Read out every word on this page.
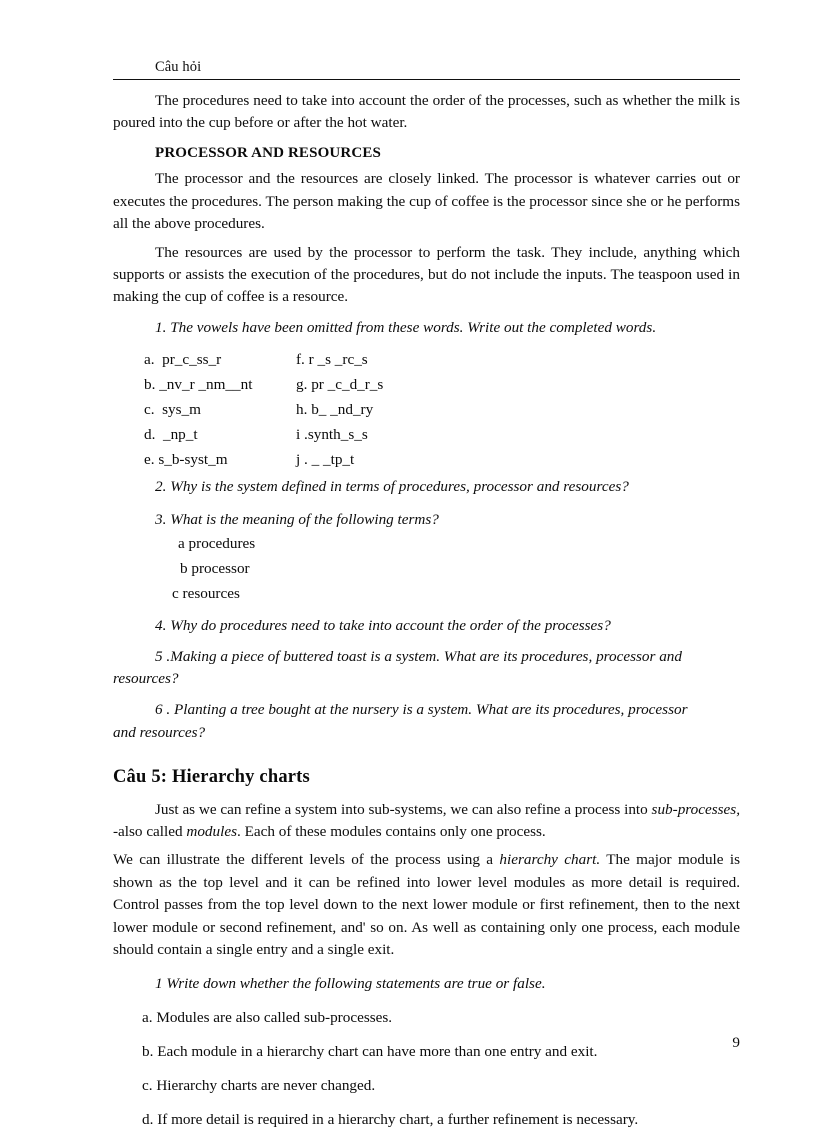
Câu hỏi

The procedures need to take into account the order of the processes, such as whether the milk is poured into the cup before or after the hot water.

PROCESSOR AND RESOURCES

The processor and the resources are closely linked. The processor is whatever carries out or executes the procedures. The person making the cup of coffee is the processor since she or he performs all the above procedures.

The resources are used by the processor to perform the task. They include, anything which supports or assists the execution of the procedures, but do not include the inputs. The teaspoon used in making the cup of coffee is a resource.

1. The vowels have been omitted from these words. Write out the completed words.

a.  pr_c_ss_r	f. r _s _rc_s
b. _nv_r _nm__nt	g. pr _c_d_r_s
c.  sys_m	h. b_ _nd_ry
d.  _np_t	i .synth_s_s
e. s_b-syst_m	j . _ _tp_t

2. Why is the system defined in terms of procedures, processor and resources?

3. What is the meaning of the following terms?

a procedures
b processor
c resources

4. Why do procedures need to take into account the order of the processes?

5 .Making a piece of buttered toast is a system. What are its procedures, processor and
resources?

6 . Planting a tree bought at the nursery is a system. What are its procedures, processor
and resources?

Câu 5: Hierarchy charts

Just as we can refine a system into sub-systems, we can also refine a process into sub-processes, -also called modules. Each of these modules contains only one process.

We can illustrate the different levels of the process using a hierarchy chart. The major module is shown as the top level and it can be refined into lower level modules as more detail is required. Control passes from the top level down to the next lower module or first refinement, then to the next lower module or second refinement, and' so on. As well as containing only one process, each module should contain a single entry and a single exit.

1 Write down whether the following statements are true or false.
a. Modules are also called sub-processes.
b. Each module in a hierarchy chart can have more than one entry and exit.
c. Hierarchy charts are never changed.
d. If more detail is required in a hierarchy chart, a further refinement is necessary.
9
